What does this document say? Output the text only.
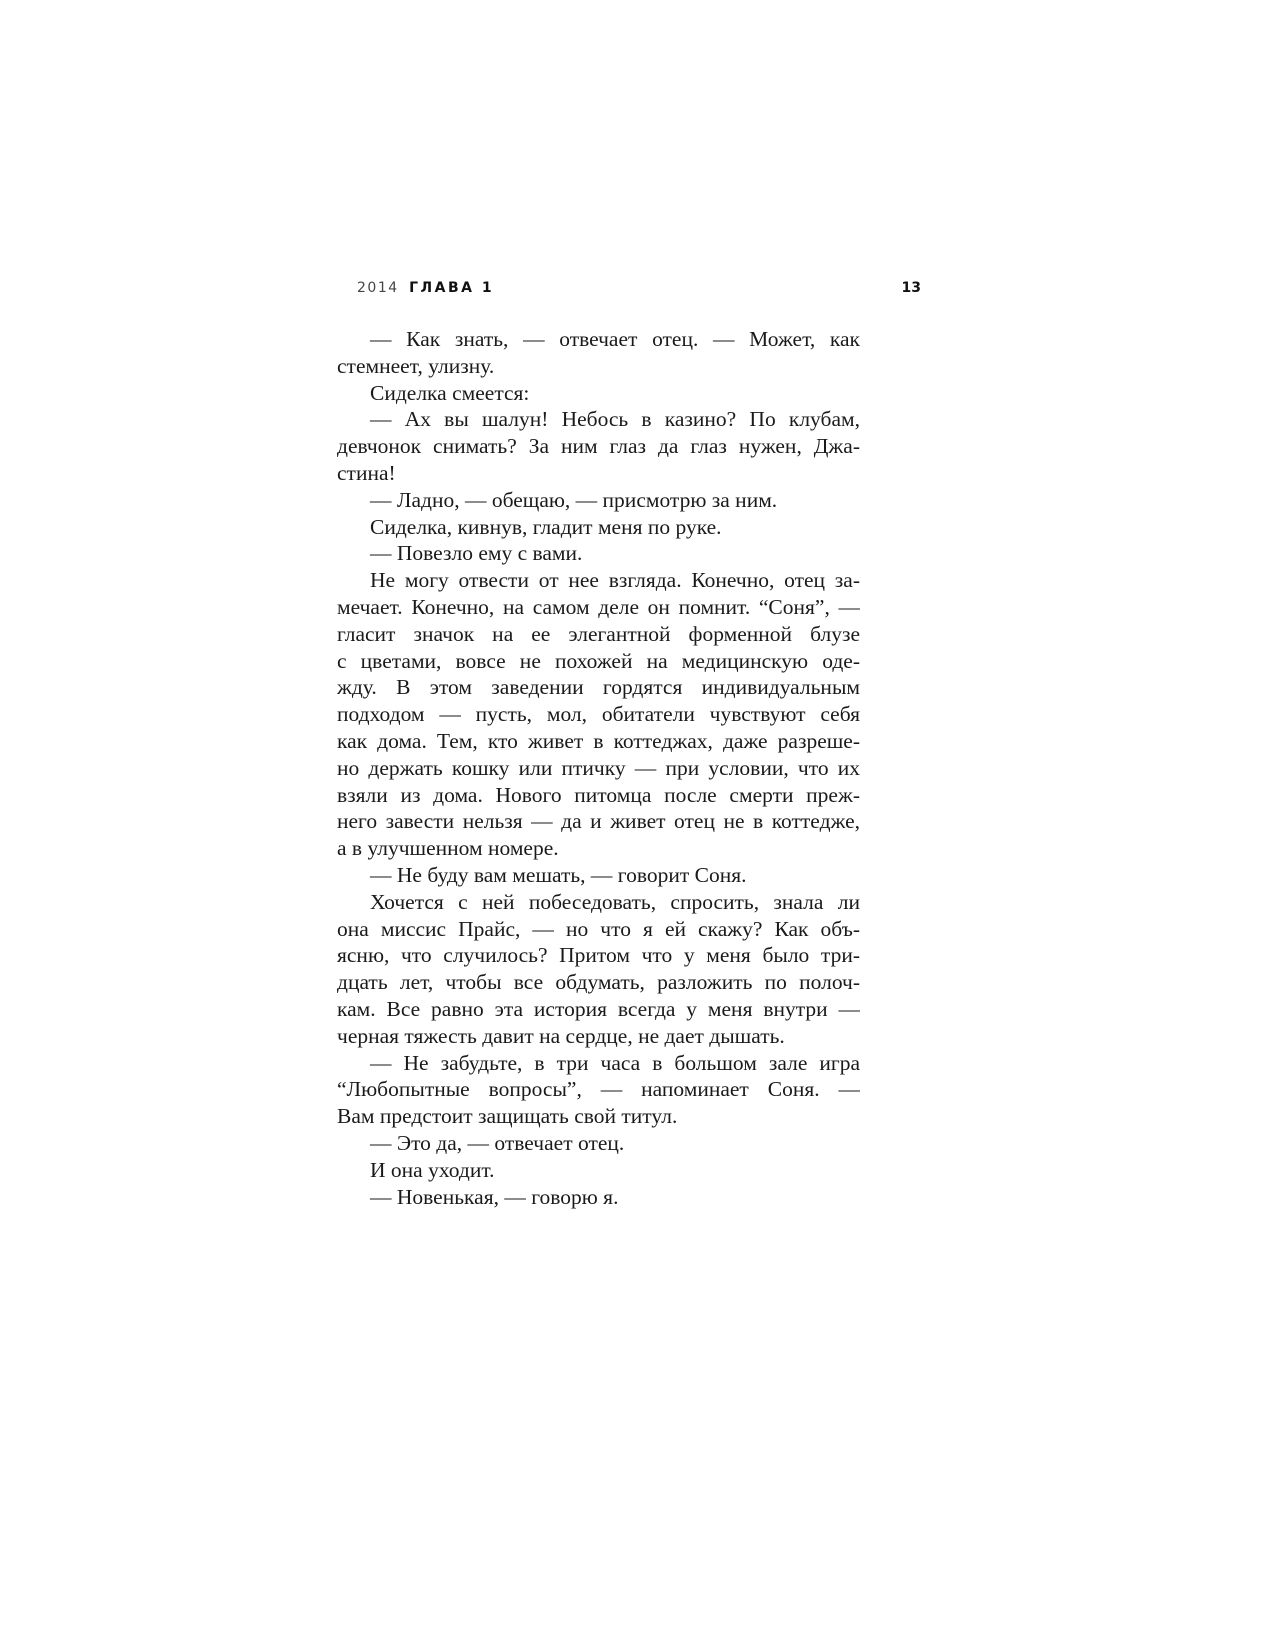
2014 ГЛАВА 1	13
— Как знать, — отвечает отец. — Может, как
стемнеет, улизну.
Сиделка смеется:
— Ах вы шалун! Небось в казино? По клубам,
девчонок снимать? За ним глаз да глаз нужен, Джа-
стина!
— Ладно, — обещаю, — присмотрю за ним.
Сиделка, кивнув, гладит меня по руке.
— Повезло ему с вами.
Не могу отвести от нее взгляда. Конечно, отец за-
мечает. Конечно, на самом деле он помнит. “Соня”, —
гласит значок на ее элегантной форменной блузе
с цветами, вовсе не похожей на медицинскую оде-
жду. В этом заведении гордятся индивидуальным
подходом — пусть, мол, обитатели чувствуют себя
как дома. Тем, кто живет в коттеджах, даже разреше-
но держать кошку или птичку — при условии, что их
взяли из дома. Нового питомца после смерти преж-
него завести нельзя — да и живет отец не в коттедже,
а в улучшенном номере.
— Не буду вам мешать, — говорит Соня.
Хочется с ней побеседовать, спросить, знала ли
она миссис Прайс, — но что я ей скажу? Как объ-
ясню, что случилось? Притом что у меня было три-
дцать лет, чтобы все обдумать, разложить по полоч-
кам. Все равно эта история всегда у меня внутри —
черная тяжесть давит на сердце, не дает дышать.
— Не забудьте, в три часа в большом зале игра
“Любопытные вопросы”, — напоминает Соня. —
Вам предстоит защищать свой титул.
— Это да, — отвечает отец.
И она уходит.
— Новенькая, — говорю я.
